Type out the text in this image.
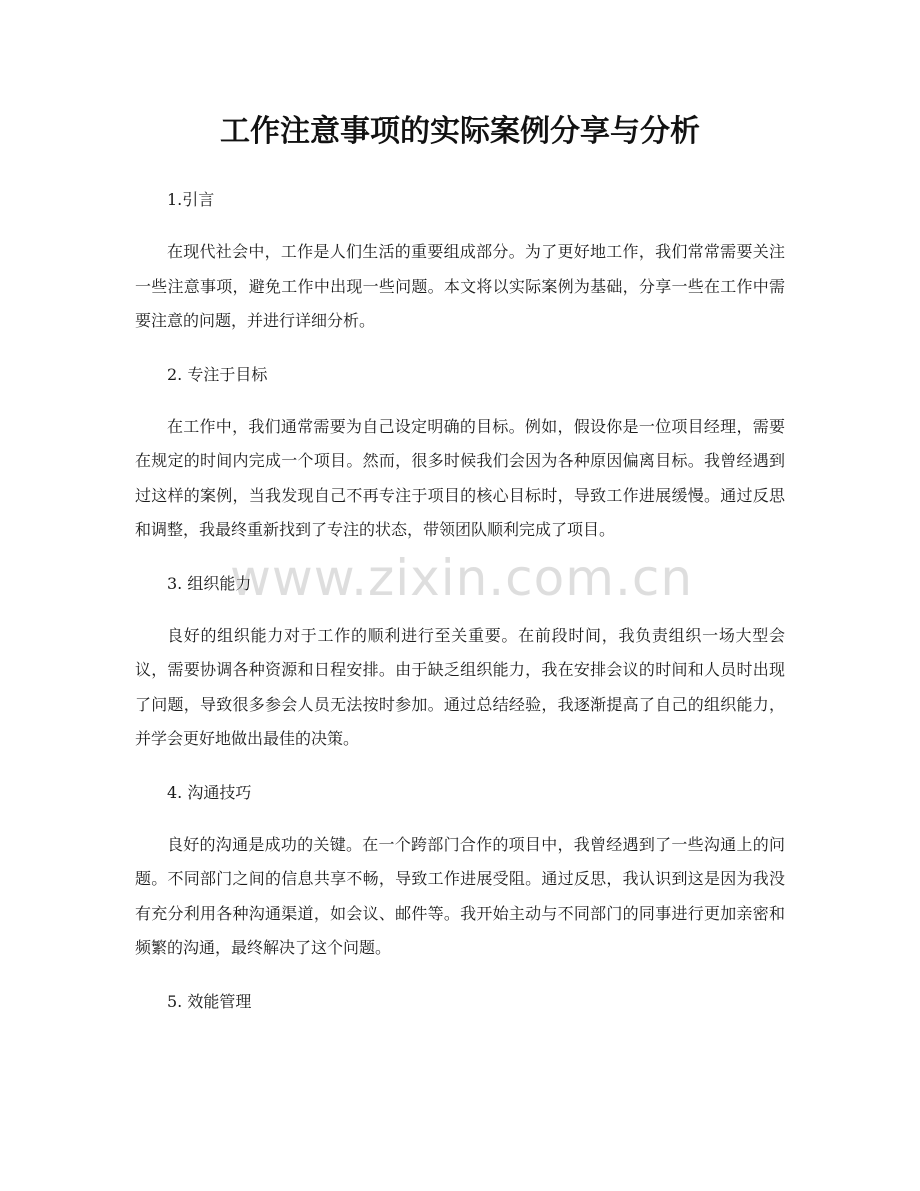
工作注意事项的实际案例分享与分析

1.引言

在现代社会中，工作是人们生活的重要组成部分。为了更好地工作，我们常常需要关注一些注意事项，避免工作中出现一些问题。本文将以实际案例为基础，分享一些在工作中需要注意的问题，并进行详细分析。

2. 专注于目标

在工作中，我们通常需要为自己设定明确的目标。例如，假设你是一位项目经理，需要在规定的时间内完成一个项目。然而，很多时候我们会因为各种原因偏离目标。我曾经遇到过这样的案例，当我发现自己不再专注于项目的核心目标时，导致工作进展缓慢。通过反思和调整，我最终重新找到了专注的状态，带领团队顺利完成了项目。

3. 组织能力

良好的组织能力对于工作的顺利进行至关重要。在前段时间，我负责组织一场大型会议，需要协调各种资源和日程安排。由于缺乏组织能力，我在安排会议的时间和人员时出现了问题，导致很多参会人员无法按时参加。通过总结经验，我逐渐提高了自己的组织能力，并学会更好地做出最佳的决策。

4. 沟通技巧

良好的沟通是成功的关键。在一个跨部门合作的项目中，我曾经遇到了一些沟通上的问题。不同部门之间的信息共享不畅，导致工作进展受阻。通过反思，我认识到这是因为我没有充分利用各种沟通渠道，如会议、邮件等。我开始主动与不同部门的同事进行更加亲密和频繁的沟通，最终解决了这个问题。

5. 效能管理

www.zixin.com.cn
